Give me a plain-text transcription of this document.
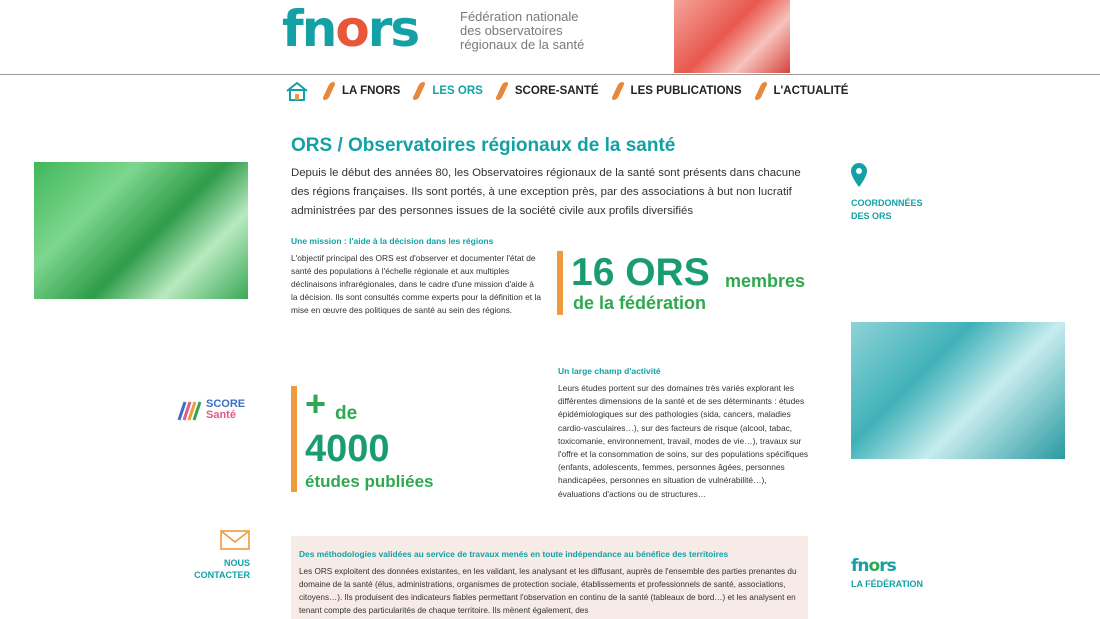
fnors	Fédération nationale des observatoires régionaux de la santé
LA FNORS	LES ORS	SCORE-SANTÉ	LES PUBLICATIONS	L'ACTUALITÉ
SCORE
Santé
NOUS
CONTACTER
ORS / Observatoires régionaux de la santé
Depuis le début des années 80, les Observatoires régionaux de la santé sont présents dans chacune des régions françaises. Ils sont portés, à une exception près, par des associations à but non lucratif administrées par des personnes issues de la société civile aux profils diversifiés
Une mission : l'aide à la décision dans les régions
L'objectif principal des ORS est d'observer et documenter l'état de santé des populations à l'échelle régionale et aux multiples déclinaisons infrarégionales, dans le cadre d'une mission d'aide à la décision. Ils sont consultés comme experts pour la définition et la mise en œuvre des politiques de santé au sein des régions.
16 ORS membres
de la fédération
Un large champ d'activité
Leurs études portent sur des domaines très variés explorant les différentes dimensions de la santé et de ses déterminants : études épidémiologiques sur des pathologies (sida, cancers, maladies cardio-vasculaires…), sur des facteurs de risque (alcool, tabac, toxicomanie, environnement, travail, modes de vie…), travaux sur l'offre et la consommation de soins, sur des populations spécifiques (enfants, adolescents, femmes, personnes âgées, personnes handicapées, personnes en situation de vulnérabilité…), évaluations d'actions ou de structures…
+ de
4000
études publiées
Des méthodologies validées au service de travaux menés en toute indépendance au bénéfice des territoires
Les ORS exploitent des données existantes, en les validant, les analysant et les diffusant, auprès de l'ensemble des parties prenantes du domaine de la santé (élus, administrations, organismes de protection sociale, établissements et professionnels de santé, associations, citoyens…). Ils produisent des indicateurs fiables permettant l'observation en continu de la santé (tableaux de bord…) et les analysent en tenant compte des particularités de chaque territoire. Ils mènent également, des
COORDONNÉES
DES ORS
fnors
LA FÉDÉRATION
